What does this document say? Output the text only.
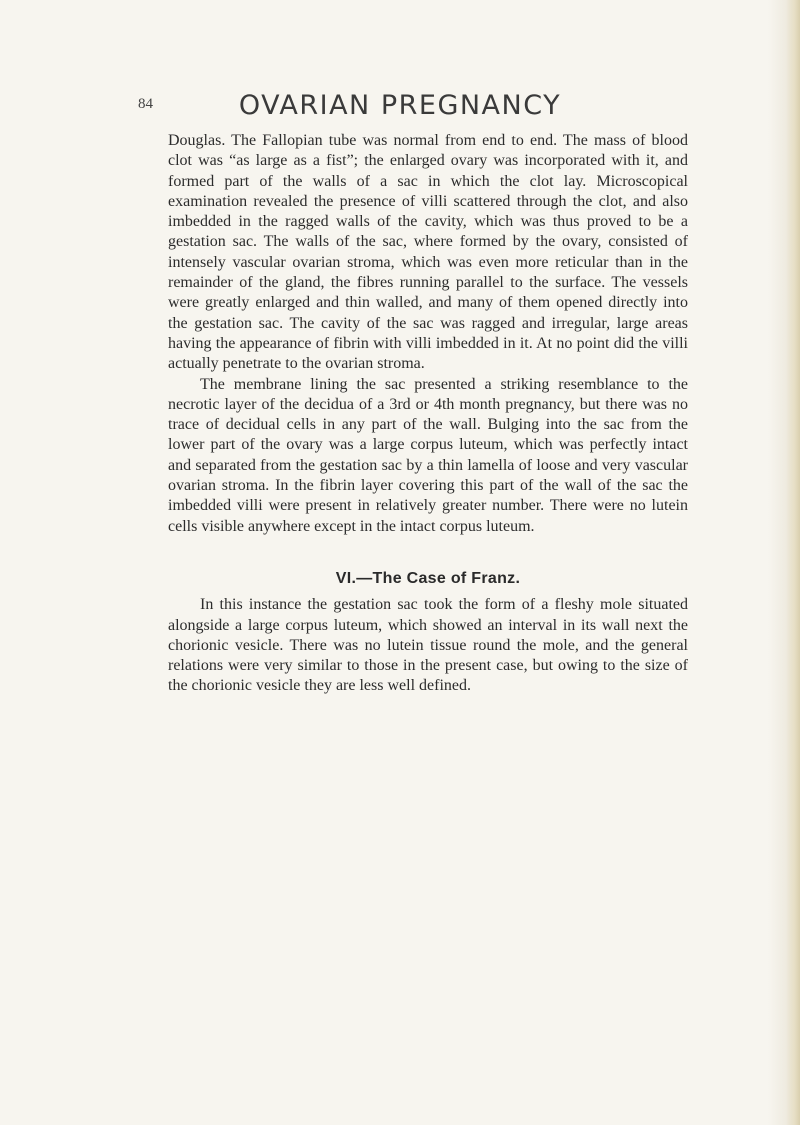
84	OVARIAN PREGNANCY

Douglas. The Fallopian tube was normal from end to end. The mass of blood clot was “as large as a fist”; the enlarged ovary was incorporated with it, and formed part of the walls of a sac in which the clot lay. Microscopical examination revealed the presence of villi scattered through the clot, and also imbedded in the ragged walls of the cavity, which was thus proved to be a gestation sac. The walls of the sac, where formed by the ovary, consisted of intensely vascular ovarian stroma, which was even more reticular than in the remainder of the gland, the fibres running parallel to the surface. The vessels were greatly enlarged and thin walled, and many of them opened directly into the gestation sac. The cavity of the sac was ragged and irregular, large areas having the appearance of fibrin with villi imbedded in it. At no point did the villi actually penetrate to the ovarian stroma.

The membrane lining the sac presented a striking resemblance to the necrotic layer of the decidua of a 3rd or 4th month pregnancy, but there was no trace of decidual cells in any part of the wall. Bulging into the sac from the lower part of the ovary was a large corpus luteum, which was perfectly intact and separated from the gestation sac by a thin lamella of loose and very vascular ovarian stroma. In the fibrin layer covering this part of the wall of the sac the imbedded villi were present in relatively greater number. There were no lutein cells visible anywhere except in the intact corpus luteum.

VI.—The Case of Franz.

In this instance the gestation sac took the form of a fleshy mole situated alongside a large corpus luteum, which showed an interval in its wall next the chorionic vesicle. There was no lutein tissue round the mole, and the general relations were very similar to those in the present case, but owing to the size of the chorionic vesicle they are less well defined.
